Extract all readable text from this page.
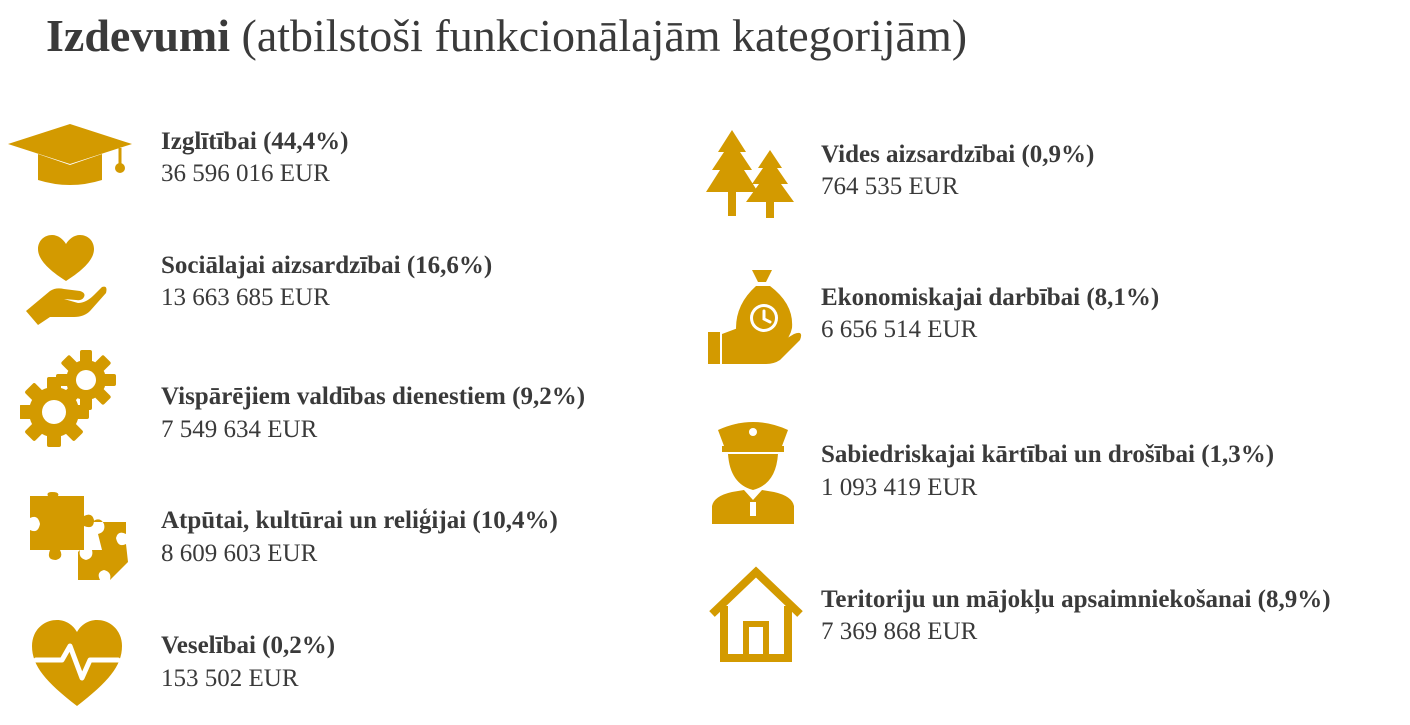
Izdevumi (atbilstoši funkcionālajām kategorijām)
Izglītībai (44,4%)
36 596 016 EUR
Sociālajai aizsardzībai (16,6%)
13 663 685 EUR
Vispārējiem valdības dienestiem (9,2%)
7 549 634 EUR
Atpūtai, kultūrai un reliģijai (10,4%)
8 609 603 EUR
Veselībai (0,2%)
153 502 EUR
Vides aizsardzībai (0,9%)
764 535 EUR
Ekonomiskajai darbībai (8,1%)
6 656 514 EUR
Sabiedriskajai kārtībai un drošībai (1,3%)
1 093 419 EUR
Teritoriju un mājokļu apsaimniekošanai (8,9%)
7 369 868 EUR
